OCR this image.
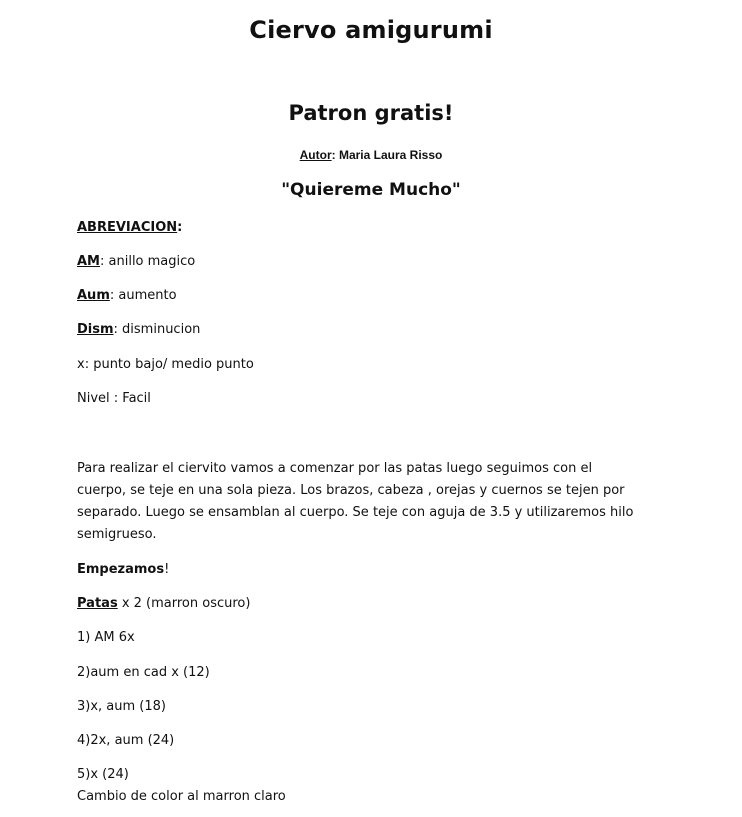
Ciervo amigurumi
Patron gratis!
Autor: Maria Laura Risso
"Quiereme Mucho"
ABREVIACION:
AM: anillo magico
Aum: aumento
Dism: disminucion
x: punto bajo/ medio punto
Nivel : Facil
Para realizar el ciervito vamos a comenzar por las patas luego seguimos con el
cuerpo, se teje en una sola pieza. Los brazos, cabeza , orejas y cuernos se tejen por
separado. Luego se ensamblan al cuerpo. Se teje con aguja de 3.5 y utilizaremos hilo
semigrueso.
Empezamos!
Patas x 2 (marron oscuro)
1) AM 6x
2)aum en cad x (12)
3)x, aum (18)
4)2x, aum (24)
5)x (24)
Cambio de color al marron claro
